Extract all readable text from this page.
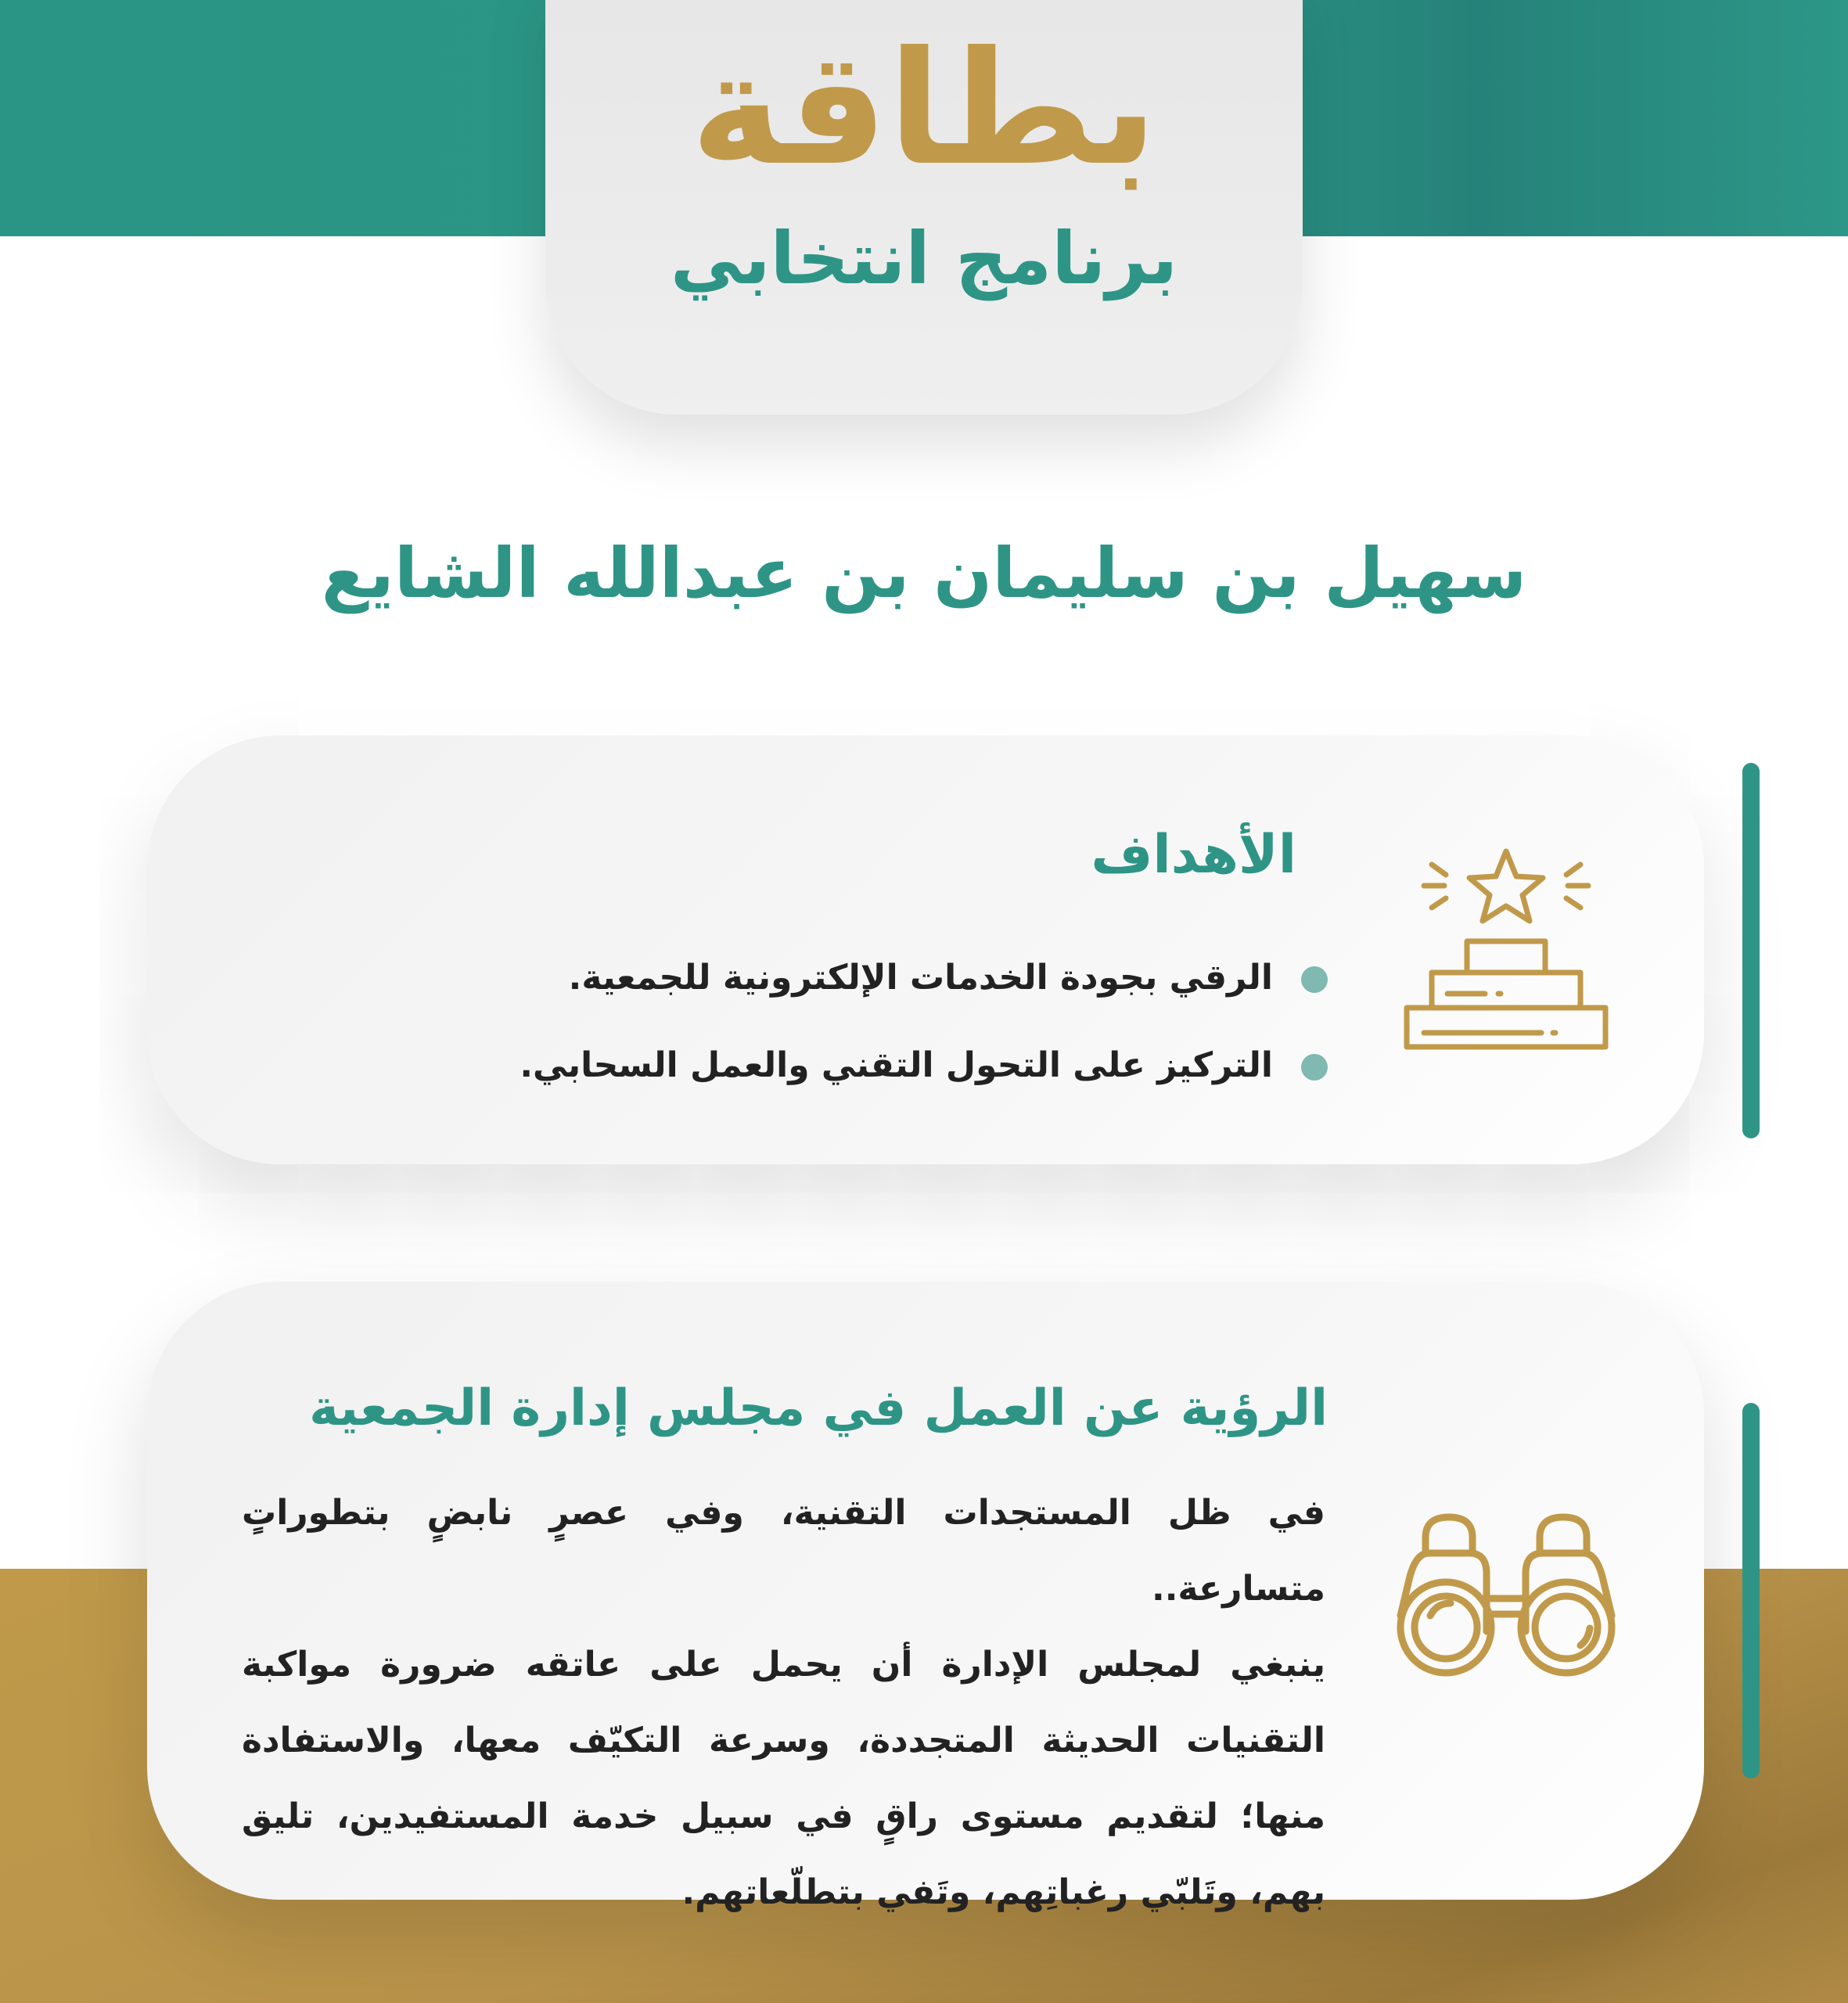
بطاقة
برنامج انتخابي
سهيل بن سليمان بن عبدالله الشايع
الأهداف
الرقي بجودة الخدمات الإلكترونية للجمعية.
التركيز على التحول التقني والعمل السحابي.
الرؤية عن العمل في مجلس إدارة الجمعية
في ظل المستجدات التقنية، وفي عصرٍ نابضٍ بتطوراتٍ متسارعة..
ينبغي لمجلس الإدارة أن يحمل على عاتقه ضرورة مواكبة التقنيات الحديثة المتجددة، وسرعة التكيّف معها، والاستفادة منها؛ لتقديم مستوى راقٍ في سبيل خدمة المستفيدين، تليق بهم، وتَلبّي رغباتِهم، وتَفي بتطلّعاتهم.
